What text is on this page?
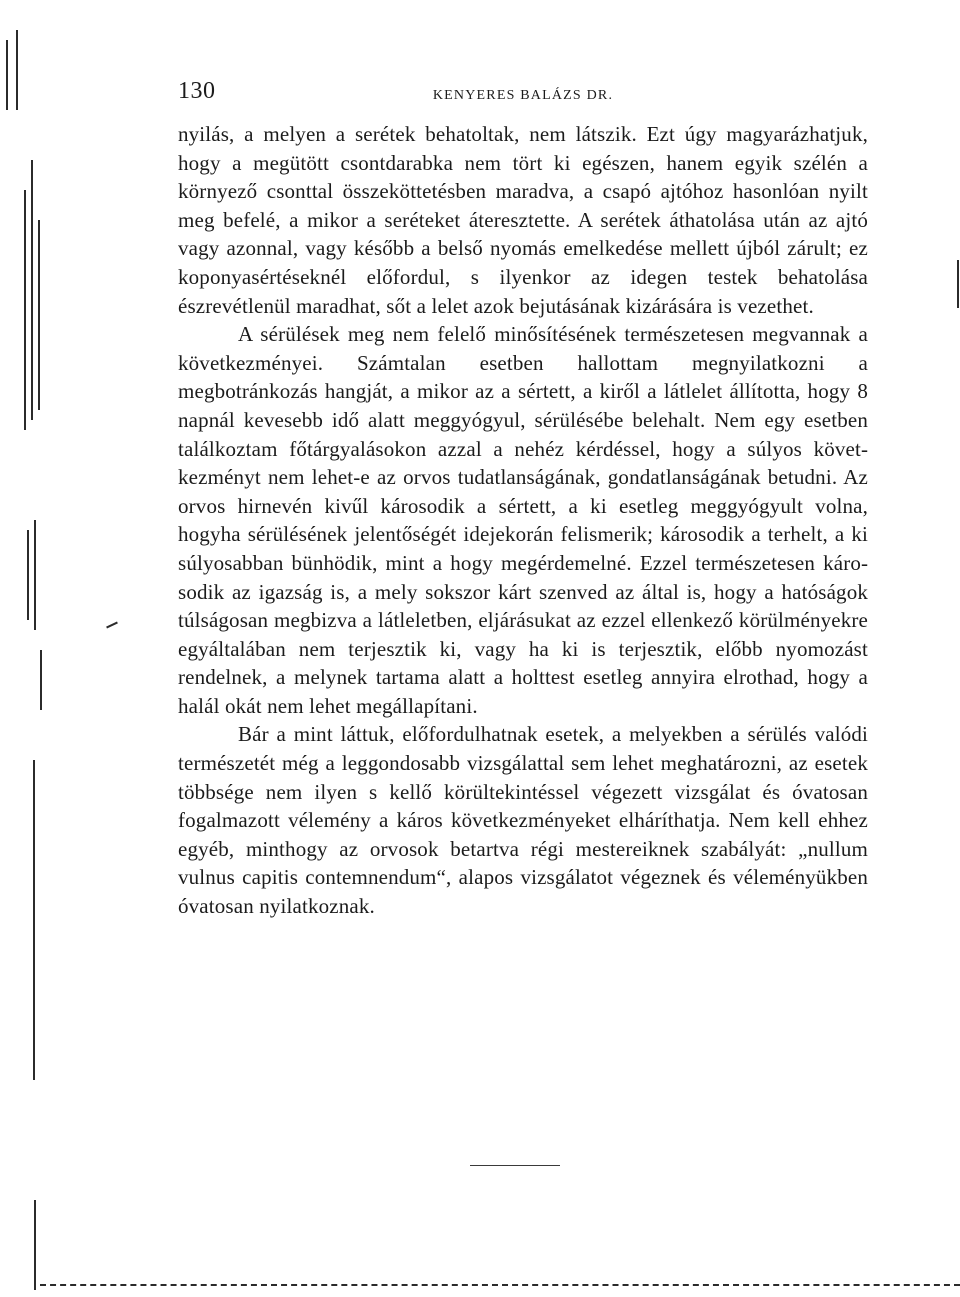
130	KENYERES BALÁZS DR.

nyilás, a melyen a serétek behatoltak, nem látszik. Ezt úgy magyarázhatjuk, hogy a megütött csontdarabka nem tört ki egészen, hanem egyik szélén a környező csonttal összeköttetésben maradva, a csapó ajtóhoz hasonlóan nyilt meg befelé, a mikor a seréteket áteresztette. A serétek áthatolása után az ajtó vagy azonnal, vagy később a belső nyomás emelkedése mellett újból zárult; ez koponyasértéseknél előfordul, s ilyenkor az idegen testek behatolása észrevétlenül maradhat, sőt a lelet azok bejutásának kizárására is vezethet.

A sérülések meg nem felelő minősítésének természetesen megvannak a következményei. Számtalan esetben hallottam megnyilatkozni a megbotránkozás hangját, a mikor az a sértett, a kiről a látlelet állította, hogy 8 napnál kevesebb idő alatt meggyógyul, sérülésébe belehalt. Nem egy esetben találkoztam főtárgyalásokon azzal a nehéz kérdéssel, hogy a súlyos következményt nem lehet-e az orvos tudatlanságának, gondatlanságának betudni. Az orvos hirnevén kivűl károsodik a sértett, a ki esetleg meggyógyult volna, hogyha sérülésének jelentőségét idejekorán felismerik; károsodik a terhelt, a ki súlyosabban bünhödik, mint a hogy megérdemelné. Ezzel természetesen károsodik az igazság is, a mely sokszor kárt szenved az által is, hogy a hatóságok túlságosan megbizva a látleletben, eljárásukat az ezzel ellenkező körülményekre egyáltalában nem terjesztik ki, vagy ha ki is terjesztik, előbb nyomozást rendelnek, a melynek tartama alatt a holttest esetleg annyira elrothad, hogy a halál okát nem lehet megállapítani.

Bár a mint láttuk, előfordulhatnak esetek, a melyekben a sérülés valódi természetét még a leggondosabb vizsgálattal sem lehet meghatározni, az esetek többsége nem ilyen s kellő körültekintéssel végezett vizsgálat és óvatosan fogalmazott vélemény a káros következményeket elháríthatja. Nem kell ehhez egyéb, minthogy az orvosok betartva régi mestereiknek szabályát: „nullum vulnus capitis contemnendum“, alapos vizsgálatot végeznek és véleményükben óvatosan nyilatkoznak.
